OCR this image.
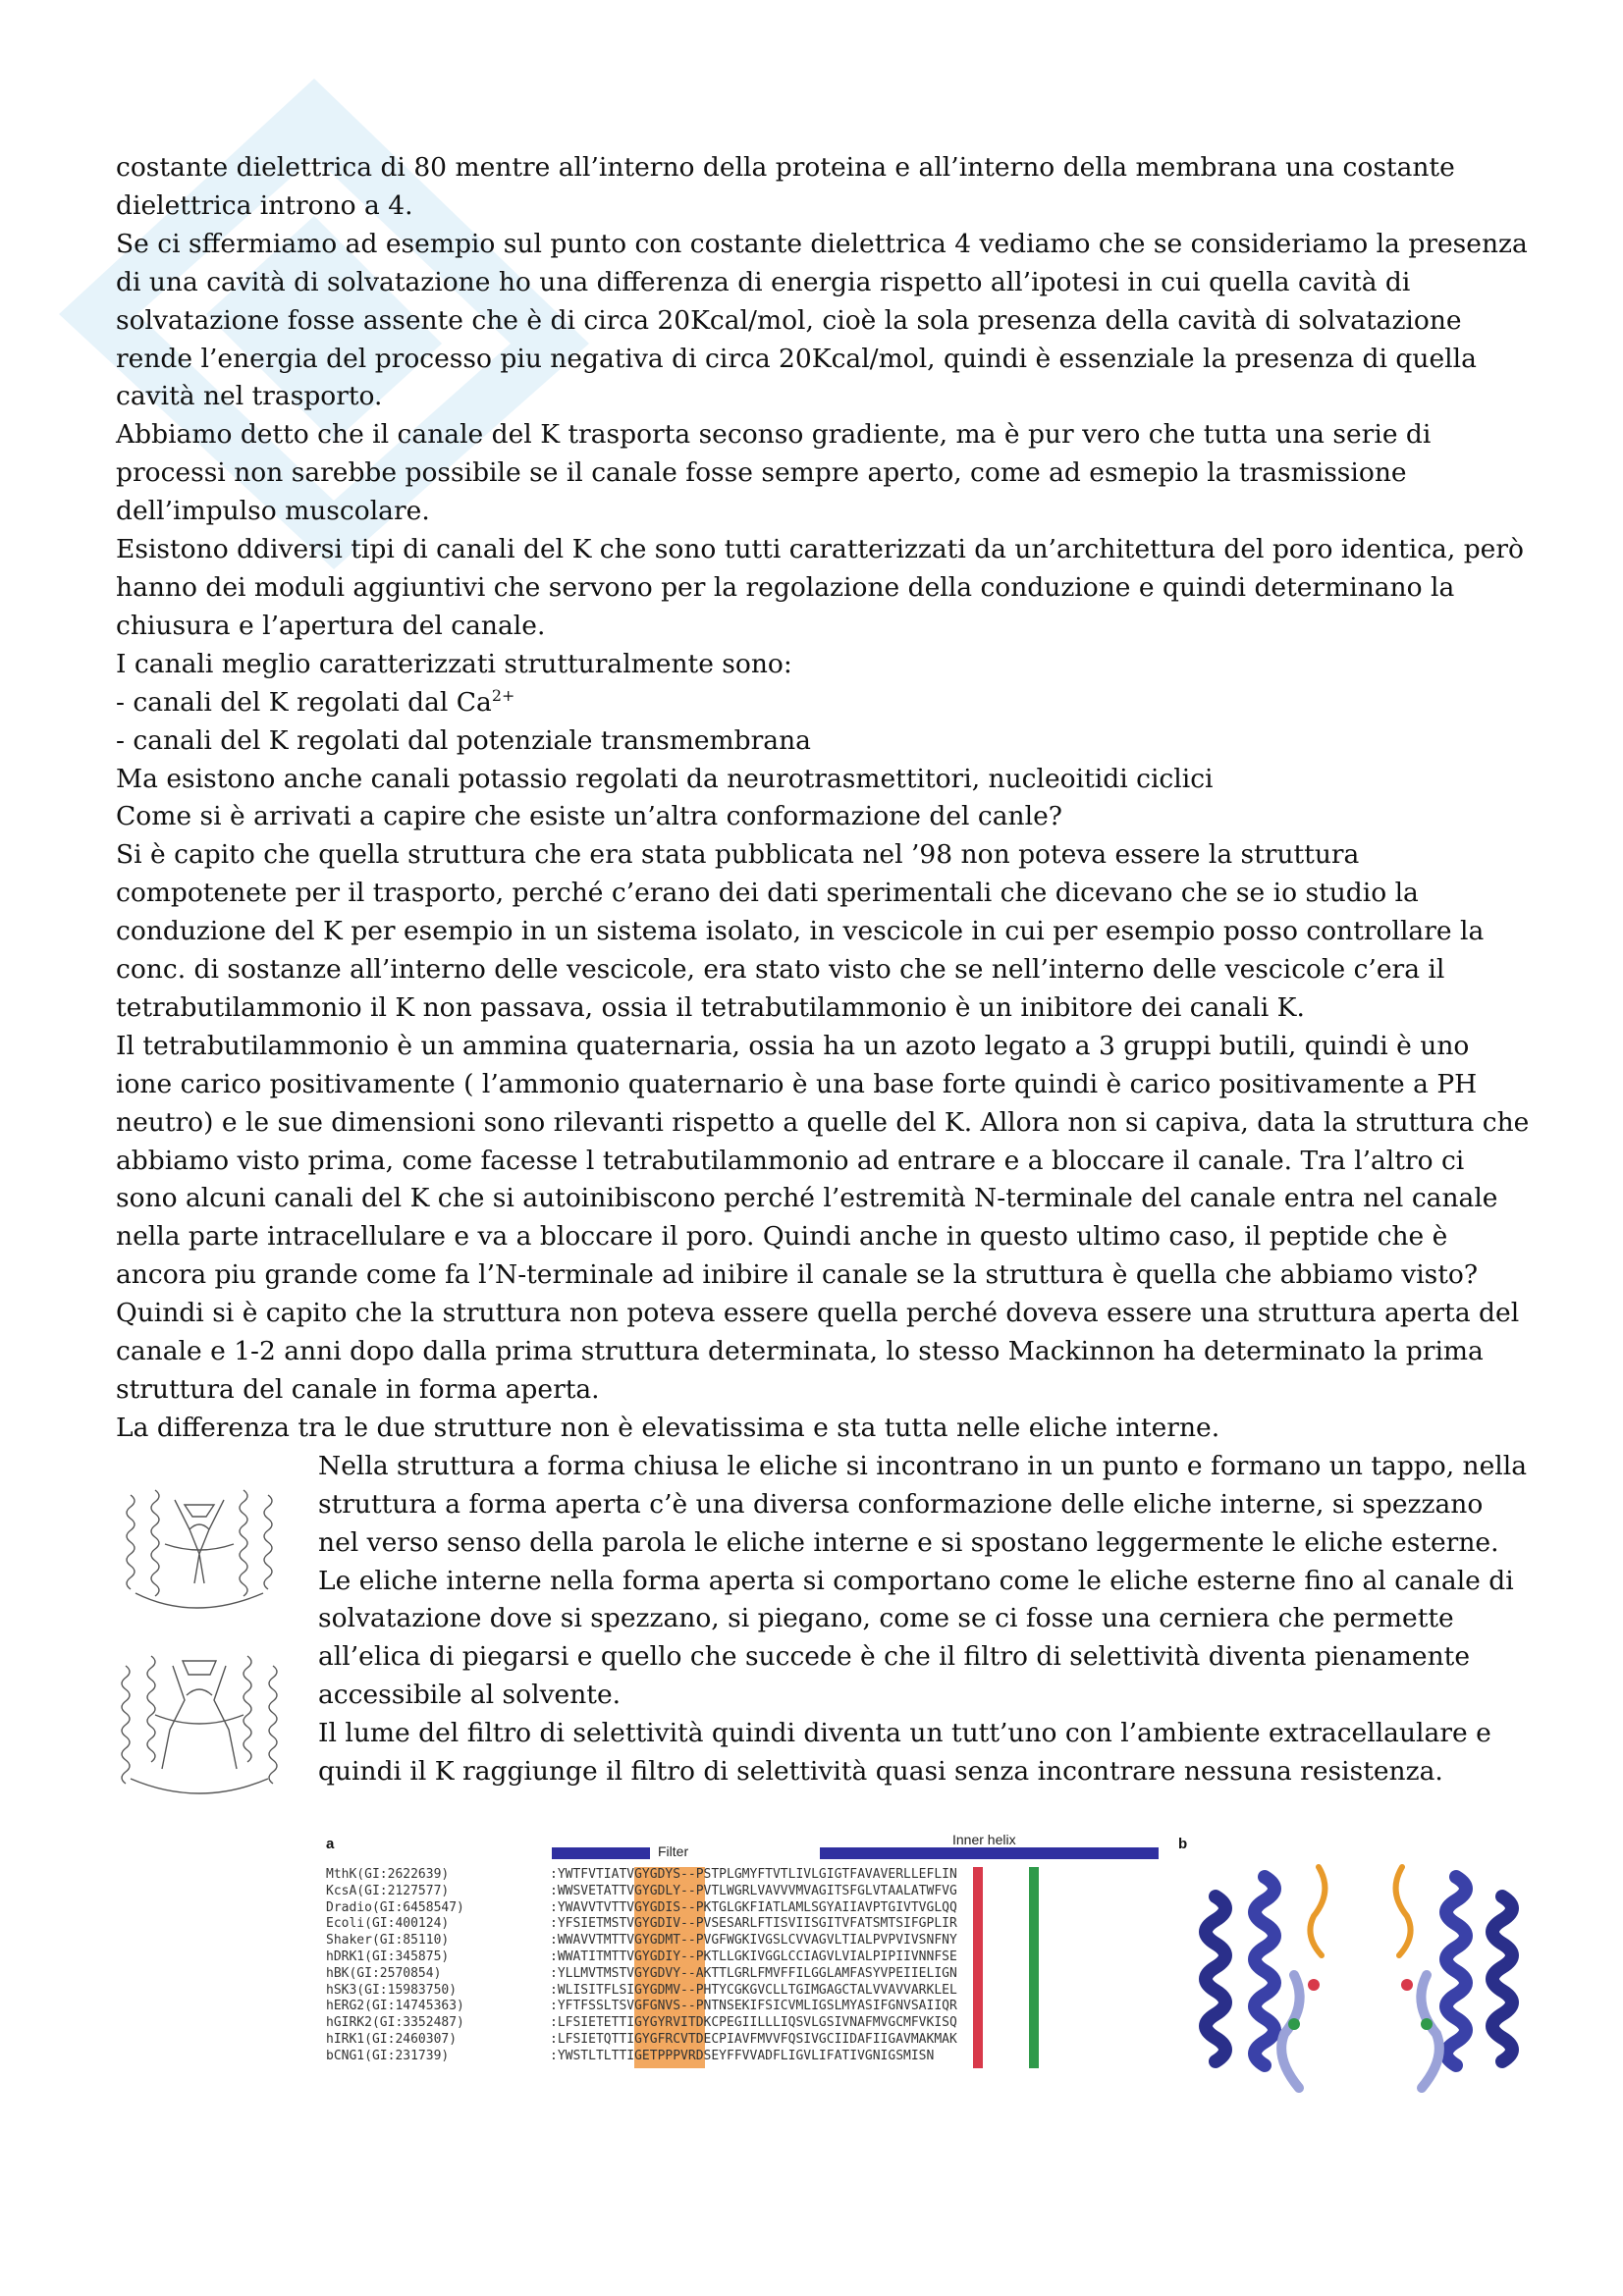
costante dielettrica di 80 mentre all’interno della proteina e all’interno della membrana una costante dielettrica introno a 4.

Se ci sffermiamo ad esempio sul punto con costante dielettrica 4 vediamo che se consideriamo la presenza di una cavità di solvatazione ho una differenza di energia rispetto all’ipotesi in cui quella cavità di solvatazione fosse assente che è di circa 20Kcal/mol, cioè la sola presenza della cavità di solvatazione rende l’energia del processo piu negativa di circa 20Kcal/mol, quindi è essenziale la presenza di quella cavità nel trasporto.

Abbiamo detto che il canale del K trasporta seconso gradiente, ma è pur vero che tutta una serie di processi non sarebbe possibile se il canale fosse sempre aperto, come ad esmepio la trasmissione dell’impulso muscolare.

Esistono ddiversi tipi di canali del K che sono tutti caratterizzati da un’architettura del poro identica, però hanno dei moduli aggiuntivi che servono per la regolazione della conduzione e quindi determinano la chiusura e l’apertura del canale.

I canali meglio caratterizzati strutturalmente sono:

- canali del K regolati dal $Ca^{2+}$

- canali del K regolati dal potenziale transmembrana

Ma esistono anche canali potassio regolati da neurotrasmettitori, nucleoitidi ciclici

Come si è arrivati a capire che esiste un’altra conformazione del canle?

Si è capito che quella struttura che era stata pubblicata nel ’98 non poteva essere la struttura compotenete per il trasporto, perché c’erano dei dati sperimentali che dicevano che se io studio la conduzione del K per esempio in un sistema isolato, in vescicole in cui per esempio posso controllare la conc. di sostanze all’interno delle vescicole, era stato visto che se nell’interno delle vescicole c’era il tetrabutilammonio il K non passava, ossia il tetrabutilammonio è un inibitore dei canali K.

Il tetrabutilammonio è un ammina quaternaria, ossia ha un azoto legato a 3 gruppi butili, quindi è uno ione carico positivamente ( l’ammonio quaternario è una base forte quindi è carico positivamente a PH neutro) e le sue dimensioni sono rilevanti rispetto a quelle del K. Allora non si capiva, data la struttura che abbiamo visto prima, come facesse l tetrabutilammonio ad entrare e a bloccare il canale. Tra l’altro ci sono alcuni canali del K che si autoinibiscono perché l’estremità N-terminale del canale entra nel canale nella parte intracellulare e va a bloccare il poro. Quindi anche in questo ultimo caso, il peptide che è ancora piu grande come fa l’N-terminale ad inibire il canale se la struttura è quella che abbiamo visto?

Quindi si è capito che la struttura non poteva essere quella perché doveva essere una struttura aperta del canale e 1-2 anni dopo dalla prima struttura determinata, lo stesso Mackinnon ha determinato la prima struttura del canale in forma aperta.

La differenza tra le due strutture non è elevatissima e sta tutta nelle eliche interne.

Nella struttura a forma chiusa le eliche si incontrano in un punto e formano un tappo, nella struttura a forma aperta c’è una diversa conformazione delle eliche interne, si spezzano nel verso senso della parola le eliche interne e si spostano leggermente le eliche esterne. Le eliche interne nella forma aperta si comportano come le eliche esterne fino al canale di solvatazione dove si spezzano, si piegano, come se ci fosse una cerniera che permette all’elica di piegarsi e quello che succede è che il filtro di selettività diventa pienamente accessibile al solvente.

Il lume del filtro di selettività quindi diventa un tutt’uno con l’ambiente extracellaulare e quindi il K raggiunge il filtro di selettività quasi senza incontrare nessuna resistenza.

a	b
Filter
Inner helix
MthK(GI:2622639)
KcsA(GI:2127577)
Dradio(GI:6458547)
Ecoli(GI:400124)
Shaker(GI:85110)
hDRK1(GI:345875)
hBK(GI:2570854)
hSK3(GI:15983750)
hERG2(GI:14745363)
hGIRK2(GI:3352487)
hIRK1(GI:2460307)
bCNG1(GI:231739)
:YWTFVTIATVGYGDYS--PSTPLGMYFTVTLIVLGIGTFAVAVERLLEFLIN
:WWSVETATTVGYGDLY--PVTLWGRLVAVVVMVAGITSFGLVTAALATWFVG
:YWAVVTVTTVGYGDIS--PKTGLGKFIATLAMLSGYAIIAVPTGIVTVGLQQ
:YFSIETMSTVGYGDIV--PVSESARLFTISVIISGITVFATSMTSIFGPLIR
:WWAVVTMTTVGYGDMT--PVGFWGKIVGSLCVVAGVLTIALPVPVIVSNFNY
:WWATITMTTVGYGDIY--PKTLLGKIVGGLCCIAGVLVIALPIPIIVNNFSE
:YLLMVTMSTVGYGDVY--AKTTLGRLFMVFFILGGLAMFASYVPEIIELIGN
:WLISITFLSIGYGDMV--PHTYCGKGVCLLTGIMGAGCTALVVAVVARKLEL
:YFTFSSLTSVGFGNVS--PNTNSEKIFSICVMLIGSLMYASIFGNVSAIIQR
:LFSIETETTIGYGYRVITDKCPEGIILLLIQSVLGSIVNAFMVGCMFVKISQ
:LFSIETQTTIGYGFRCVTDECPIAVFMVVFQSIVGCIIDAFIIGAVMAKMAK
:YWSTLTLTTIGETPPPVRDSEYFFVVADFLIGVLIFATIVGNIGSMISN
